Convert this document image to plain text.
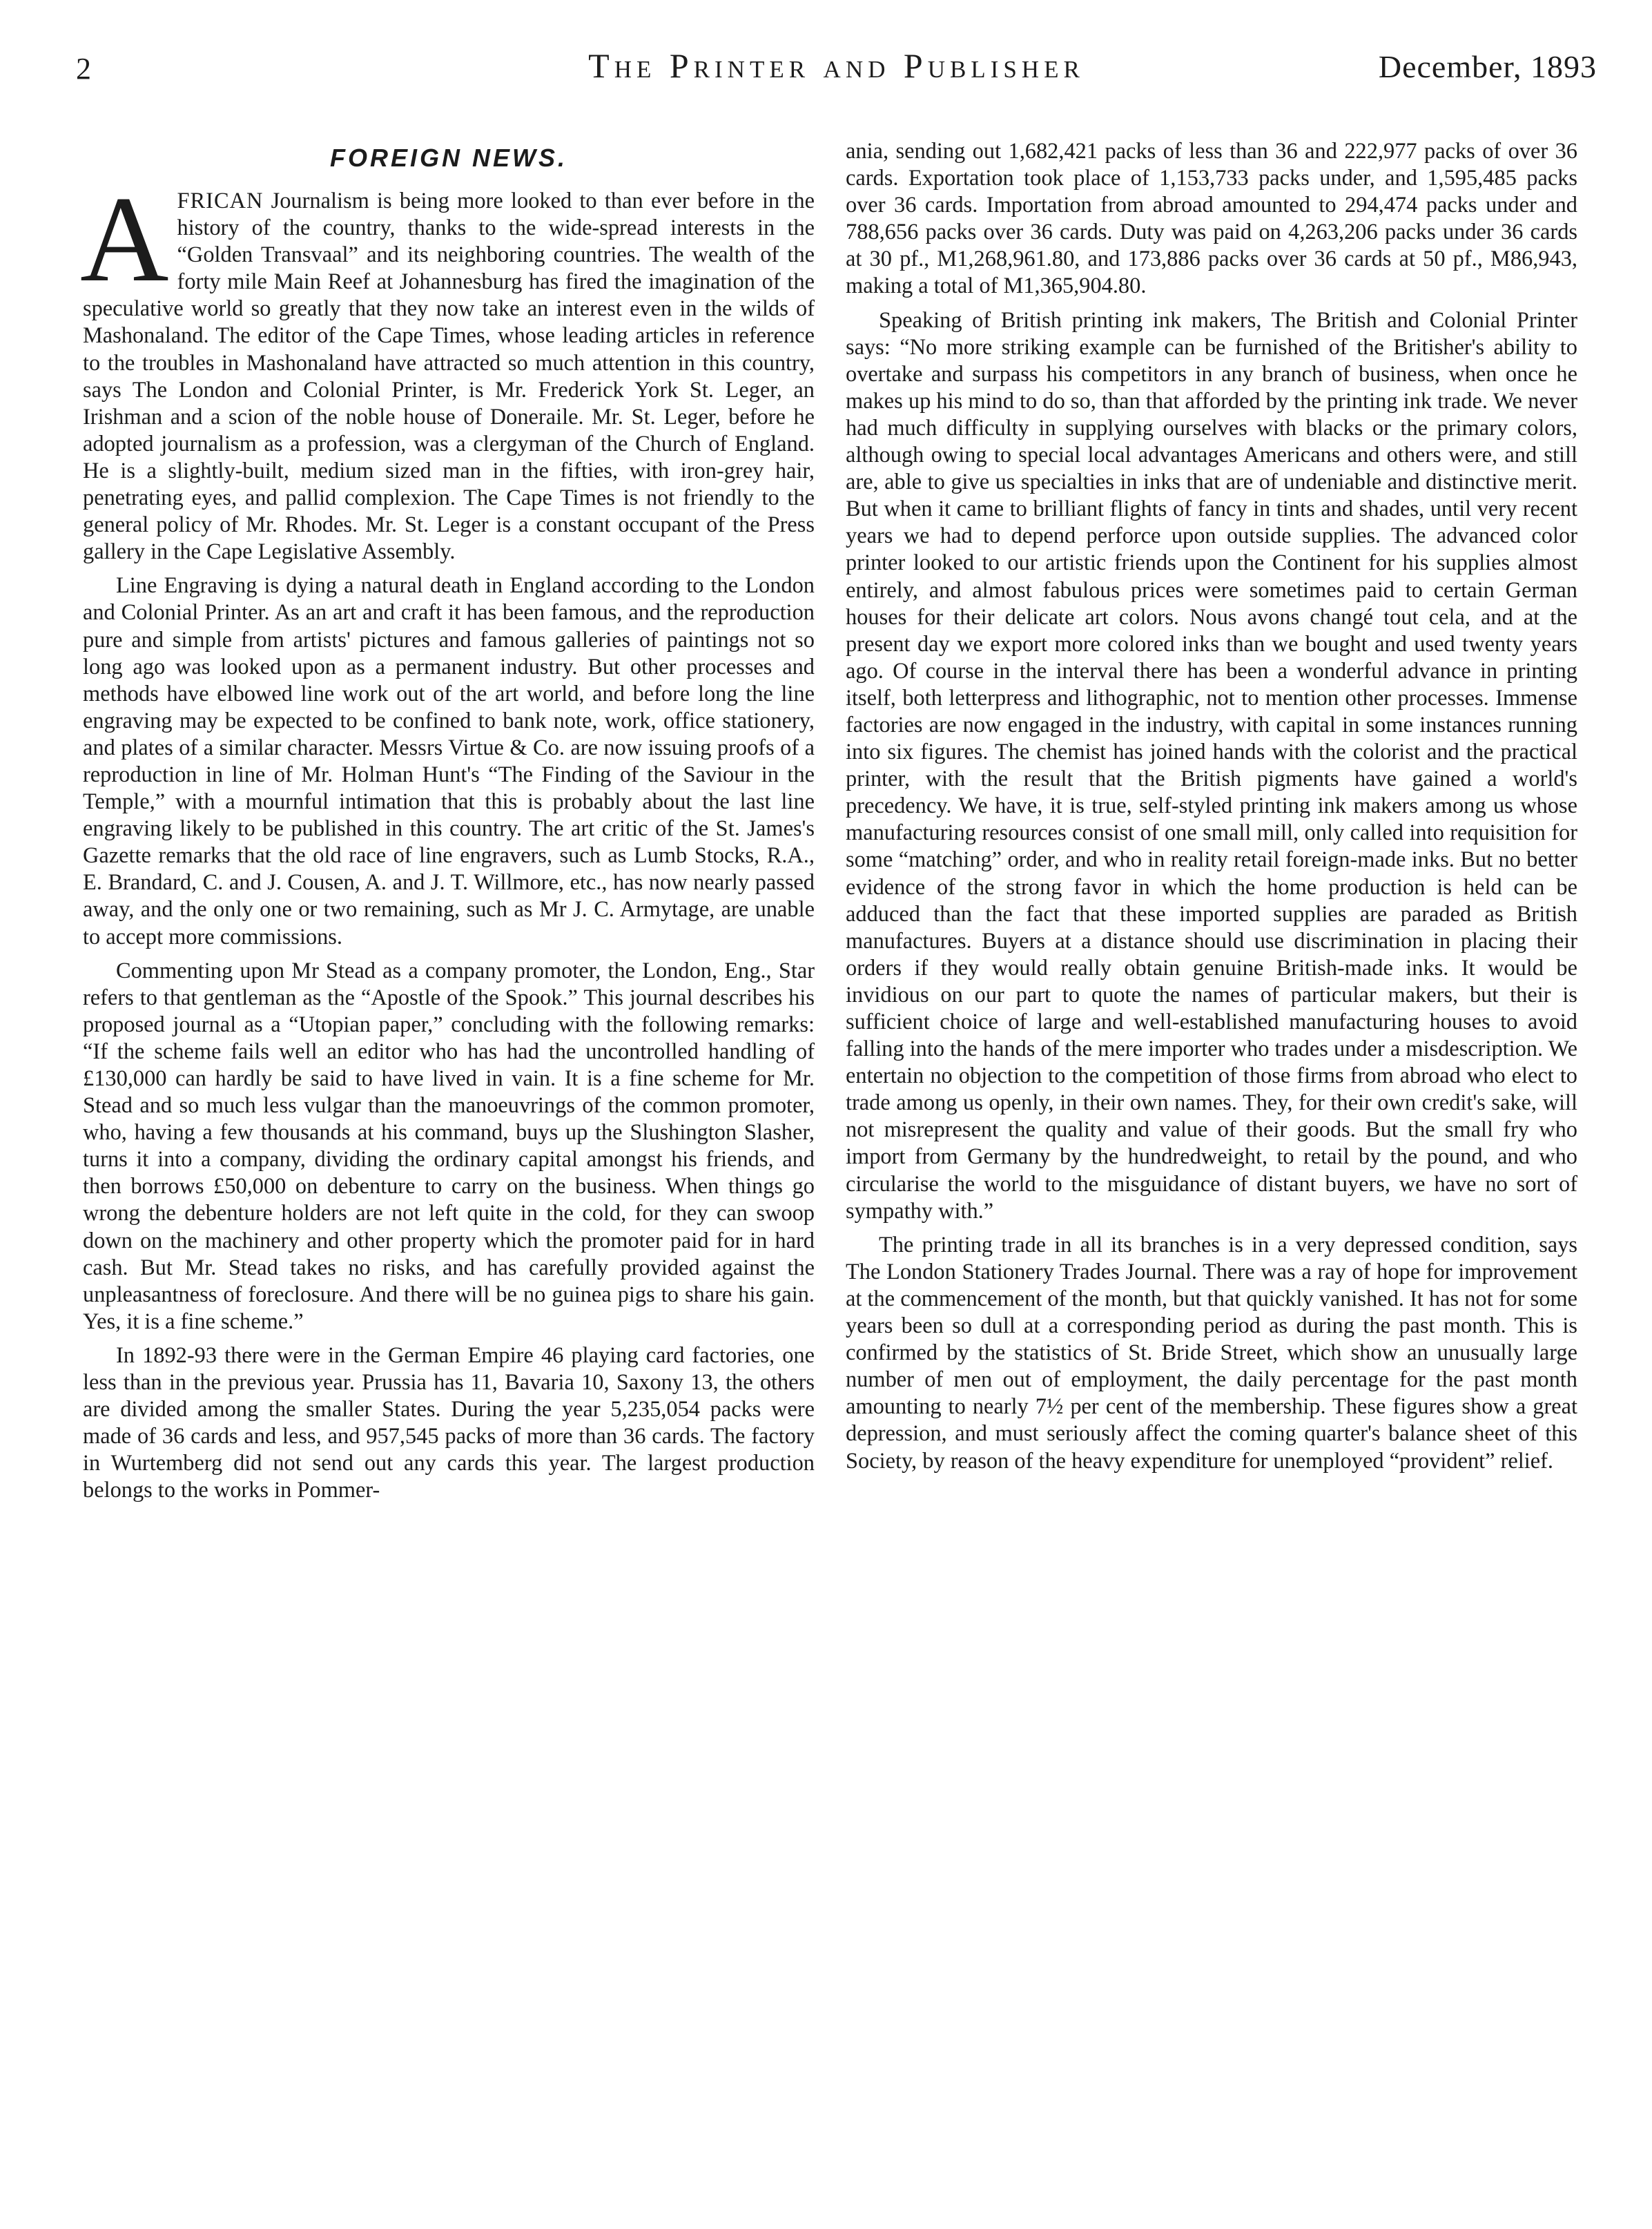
2	The Printer and Publisher	December, 1893
FOREIGN NEWS.

AFRICAN Journalism is being more looked to than ever before in the history of the country, thanks to the wide-spread interests in the “Golden Transvaal” and its neighboring countries. The wealth of the forty mile Main Reef at Johannesburg has fired the imagination of the speculative world so greatly that they now take an interest even in the wilds of Mashonaland. The editor of the Cape Times, whose leading articles in reference to the troubles in Mashonaland have attracted so much attention in this country, says The London and Colonial Printer, is Mr. Frederick York St. Leger, an Irishman and a scion of the noble house of Doneraile. Mr. St. Leger, before he adopted journalism as a profession, was a clergyman of the Church of England. He is a slightly-built, medium sized man in the fifties, with iron-grey hair, penetrating eyes, and pallid complexion. The Cape Times is not friendly to the general policy of Mr. Rhodes. Mr. St. Leger is a constant occupant of the Press gallery in the Cape Legislative Assembly.

Line Engraving is dying a natural death in England according to the London and Colonial Printer. As an art and craft it has been famous, and the reproduction pure and simple from artists' pictures and famous galleries of paintings not so long ago was looked upon as a permanent industry. But other processes and methods have elbowed line work out of the art world, and before long the line engraving may be expected to be confined to bank note, work, office stationery, and plates of a similar character. Messrs Virtue & Co. are now issuing proofs of a reproduction in line of Mr. Holman Hunt's “The Finding of the Saviour in the Temple,” with a mournful intimation that this is probably about the last line engraving likely to be published in this country. The art critic of the St. James's Gazette remarks that the old race of line engravers, such as Lumb Stocks, R.A., E. Brandard, C. and J. Cousen, A. and J. T. Willmore, etc., has now nearly passed away, and the only one or two remaining, such as Mr J. C. Armytage, are unable to accept more commissions.

Commenting upon Mr Stead as a company promoter, the London, Eng., Star refers to that gentleman as the “Apostle of the Spook.” This journal describes his proposed journal as a “Utopian paper,” concluding with the following remarks: “If the scheme fails well an editor who has had the uncontrolled handling of £130,000 can hardly be said to have lived in vain. It is a fine scheme for Mr. Stead and so much less vulgar than the manoeuvrings of the common promoter, who, having a few thousands at his command, buys up the Slushington Slasher, turns it into a company, dividing the ordinary capital amongst his friends, and then borrows £50,000 on debenture to carry on the business. When things go wrong the debenture holders are not left quite in the cold, for they can swoop down on the machinery and other property which the promoter paid for in hard cash. But Mr. Stead takes no risks, and has carefully provided against the unpleasantness of foreclosure. And there will be no guinea pigs to share his gain. Yes, it is a fine scheme.”

In 1892-93 there were in the German Empire 46 playing card factories, one less than in the previous year. Prussia has 11, Bavaria 10, Saxony 13, the others are divided among the smaller States. During the year 5,235,054 packs were made of 36 cards and less, and 957,545 packs of more than 36 cards. The factory in Wurtemberg did not send out any cards this year. The largest production belongs to the works in Pommer-

ania, sending out 1,682,421 packs of less than 36 and 222,977 packs of over 36 cards. Exportation took place of 1,153,733 packs under, and 1,595,485 packs over 36 cards. Importation from abroad amounted to 294,474 packs under and 788,656 packs over 36 cards. Duty was paid on 4,263,206 packs under 36 cards at 30 pf., M1,268,961.80, and 173,886 packs over 36 cards at 50 pf., M86,943, making a total of M1,365,904.80.

Speaking of British printing ink makers, The British and Colonial Printer says: “No more striking example can be furnished of the Britisher's ability to overtake and surpass his competitors in any branch of business, when once he makes up his mind to do so, than that afforded by the printing ink trade. We never had much difficulty in supplying ourselves with blacks or the primary colors, although owing to special local advantages Americans and others were, and still are, able to give us specialties in inks that are of undeniable and distinctive merit. But when it came to brilliant flights of fancy in tints and shades, until very recent years we had to depend perforce upon outside supplies. The advanced color printer looked to our artistic friends upon the Continent for his supplies almost entirely, and almost fabulous prices were sometimes paid to certain German houses for their delicate art colors. Nous avons changé tout cela, and at the present day we export more colored inks than we bought and used twenty years ago. Of course in the interval there has been a wonderful advance in printing itself, both letterpress and lithographic, not to mention other processes. Immense factories are now engaged in the industry, with capital in some instances running into six figures. The chemist has joined hands with the colorist and the practical printer, with the result that the British pigments have gained a world's precedency. We have, it is true, self-styled printing ink makers among us whose manufacturing resources consist of one small mill, only called into requisition for some “matching” order, and who in reality retail foreign-made inks. But no better evidence of the strong favor in which the home production is held can be adduced than the fact that these imported supplies are paraded as British manufactures. Buyers at a distance should use discrimination in placing their orders if they would really obtain genuine British-made inks. It would be invidious on our part to quote the names of particular makers, but their is sufficient choice of large and well-established manufacturing houses to avoid falling into the hands of the mere importer who trades under a misdescription. We entertain no objection to the competition of those firms from abroad who elect to trade among us openly, in their own names. They, for their own credit's sake, will not misrepresent the quality and value of their goods. But the small fry who import from Germany by the hundredweight, to retail by the pound, and who circularise the world to the misguidance of distant buyers, we have no sort of sympathy with.”

The printing trade in all its branches is in a very depressed condition, says The London Stationery Trades Journal. There was a ray of hope for improvement at the commencement of the month, but that quickly vanished. It has not for some years been so dull at a corresponding period as during the past month. This is confirmed by the statistics of St. Bride Street, which show an unusually large number of men out of employment, the daily percentage for the past month amounting to nearly 7½ per cent of the membership. These figures show a great depression, and must seriously affect the coming quarter's balance sheet of this Society, by reason of the heavy expenditure for unemployed “provident” relief.
